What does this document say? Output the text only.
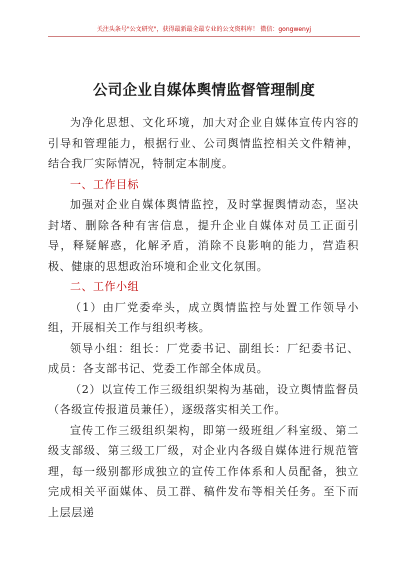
关注头条号"公文研究"，获得最新最全最专业的公文资料库！ 微信：gongwenyj
公司企业自媒体舆情监督管理制度

为净化思想、文化环境，加大对企业自媒体宣传内容的引导和管理能力，根据行业、公司舆情监控相关文件精神，结合我厂实际情况，特制定本制度。

一、工作目标

加强对企业自媒体舆情监控，及时掌握舆情动态，坚决封堵、删除各种有害信息，提升企业自媒体对员工正面引导，释疑解惑，化解矛盾，消除不良影响的能力，营造积极、健康的思想政治环境和企业文化氛围。

二、工作小组

（1）由厂党委牵头，成立舆情监控与处置工作领导小组，开展相关工作与组织考核。

领导小组：组长：厂党委书记、副组长：厂纪委书记、成员：各支部书记、党委工作部全体成员。

（2）以宣传工作三级组织架构为基础，设立舆情监督员（各级宣传报道员兼任），逐级落实相关工作。

宣传工作三级组织架构，即第一级班组／科室级、第二级支部级、第三级工厂级，对企业内各级自媒体进行规范管理，每一级别都形成独立的宣传工作体系和人员配备，独立完成相关平面媒体、员工群、稿件发布等相关任务。至下而上层层递
